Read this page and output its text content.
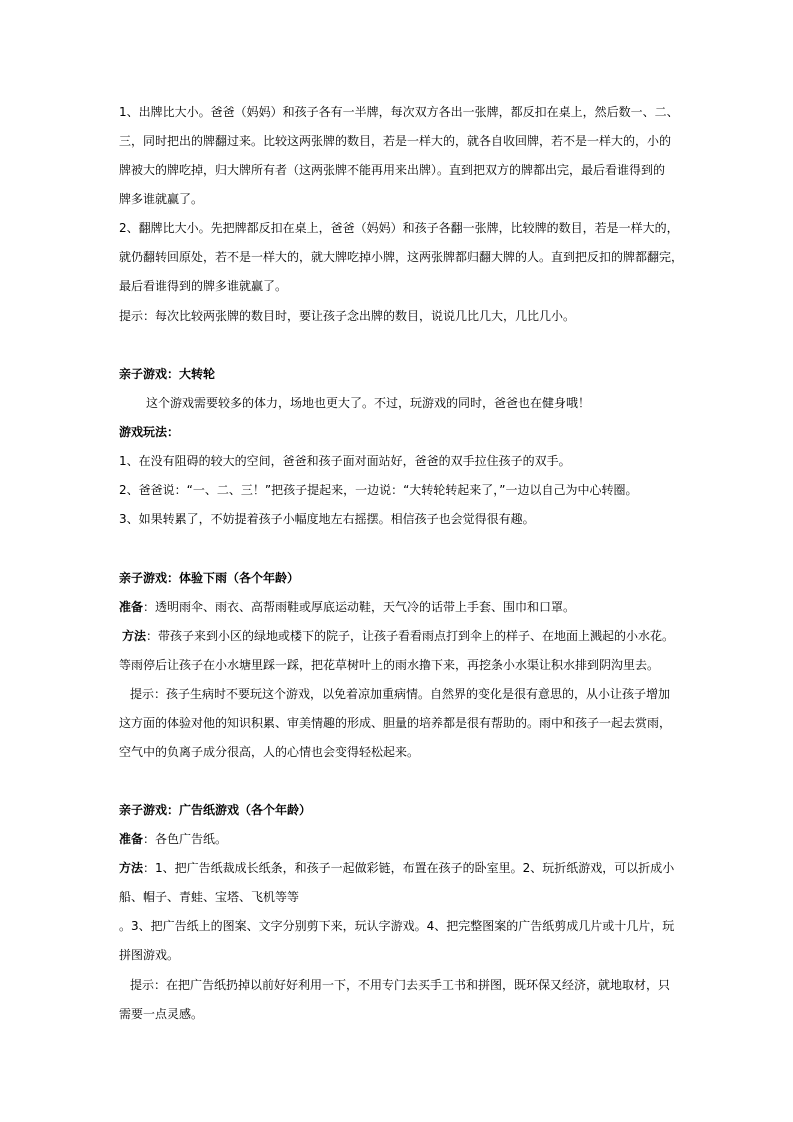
1、出牌比大小。爸爸（妈妈）和孩子各有一半牌，每次双方各出一张牌，都反扣在桌上，然后数一、二、
三，同时把出的牌翻过来。比较这两张牌的数目，若是一样大的，就各自收回牌，若不是一样大的，小的
牌被大的牌吃掉，归大牌所有者（这两张牌不能再用来出牌）。直到把双方的牌都出完，最后看谁得到的
牌多谁就赢了。
2、翻牌比大小。先把牌都反扣在桌上，爸爸（妈妈）和孩子各翻一张牌，比较牌的数目，若是一样大的，
就仍翻转回原处，若不是一样大的，就大牌吃掉小牌，这两张牌都归翻大牌的人。直到把反扣的牌都翻完，
最后看谁得到的牌多谁就赢了。
提示：每次比较两张牌的数目时，要让孩子念出牌的数目，说说几比几大，几比几小。
亲子游戏：大转轮
这个游戏需要较多的体力，场地也更大了。不过，玩游戏的同时，爸爸也在健身哦！
游戏玩法：
1、在没有阻碍的较大的空间，爸爸和孩子面对面站好，爸爸的双手拉住孩子的双手。
2、爸爸说：“一、二、三！”把孩子提起来，一边说：“大转轮转起来了，”一边以自己为中心转圈。
3、如果转累了，不妨提着孩子小幅度地左右摇摆。相信孩子也会觉得很有趣。
亲子游戏：体验下雨（各个年龄）
准备：透明雨伞、雨衣、高帮雨鞋或厚底运动鞋，天气冷的话带上手套、围巾和口罩。
方法：带孩子来到小区的绿地或楼下的院子，让孩子看看雨点打到伞上的样子、在地面上溅起的小水花。
等雨停后让孩子在小水塘里踩一踩，把花草树叶上的雨水撸下来，再挖条小水渠让积水排到阴沟里去。
提示：孩子生病时不要玩这个游戏，以免着凉加重病情。自然界的变化是很有意思的，从小让孩子增加
这方面的体验对他的知识积累、审美情趣的形成、胆量的培养都是很有帮助的。雨中和孩子一起去赏雨，
空气中的负离子成分很高，人的心情也会变得轻松起来。
亲子游戏：广告纸游戏（各个年龄）
准备：各色广告纸。
方法：1、把广告纸裁成长纸条，和孩子一起做彩链，布置在孩子的卧室里。2、玩折纸游戏，可以折成小
船、帽子、青蛙、宝塔、飞机等等
。3、把广告纸上的图案、文字分别剪下来，玩认字游戏。4、把完整图案的广告纸剪成几片或十几片，玩
拼图游戏。
提示：在把广告纸扔掉以前好好利用一下，不用专门去买手工书和拼图，既环保又经济，就地取材，只
需要一点灵感。
